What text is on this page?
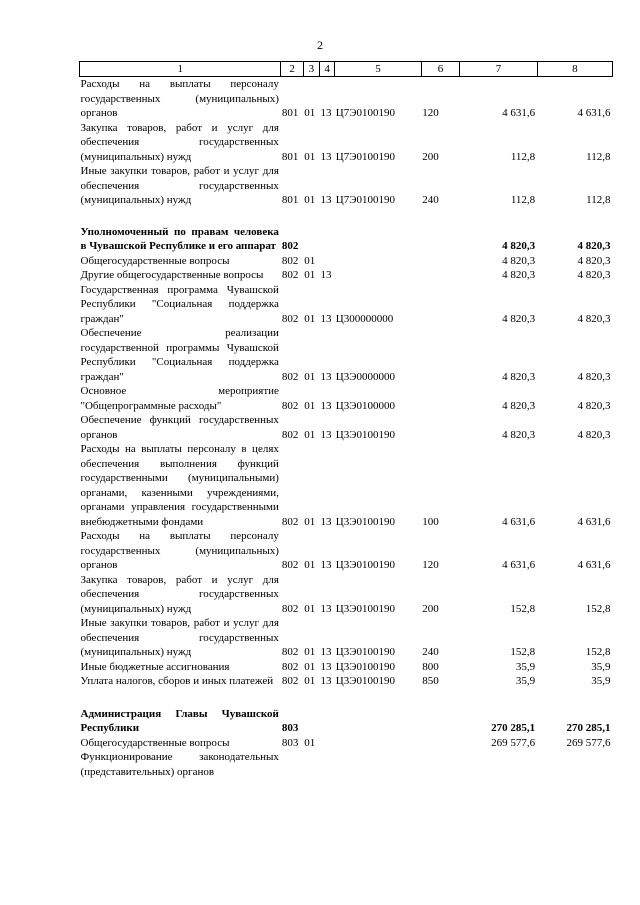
2
1	2	3	4	5	6	7	8
Расходы на выплаты персоналу государственных (муниципальных) органов	801	01	13	Ц7Э0100190	120	4 631,6	4 631,6
Закупка товаров, работ и услуг для обеспечения государственных (муниципальных) нужд	801	01	13	Ц7Э0100190	200	112,8	112,8
Иные закупки товаров, работ и услуг для обеспечения государственных (муниципальных) нужд	801	01	13	Ц7Э0100190	240	112,8	112,8

Уполномоченный по правам человека в Чувашской Республике и его аппарат	802					4 820,3	4 820,3
Общегосударственные вопросы	802	01				4 820,3	4 820,3
Другие общегосударственные вопросы	802	01	13			4 820,3	4 820,3
Государственная программа Чувашской Республики "Социальная поддержка граждан"	802	01	13	Ц300000000		4 820,3	4 820,3
Обеспечение реализации государственной программы Чувашской Республики "Социальная поддержка граждан"	802	01	13	Ц3Э0000000		4 820,3	4 820,3
Основное мероприятие "Общепрограммные расходы"	802	01	13	Ц3Э0100000		4 820,3	4 820,3
Обеспечение функций государственных органов	802	01	13	Ц3Э0100190		4 820,3	4 820,3
Расходы на выплаты персоналу в целях обеспечения выполнения функций государственными (муниципальными) органами, казенными учреждениями, органами управления государственными внебюджетными фондами	802	01	13	Ц3Э0100190	100	4 631,6	4 631,6
Расходы на выплаты персоналу государственных (муниципальных) органов	802	01	13	Ц3Э0100190	120	4 631,6	4 631,6
Закупка товаров, работ и услуг для обеспечения государственных (муниципальных) нужд	802	01	13	Ц3Э0100190	200	152,8	152,8
Иные закупки товаров, работ и услуг для обеспечения государственных (муниципальных) нужд	802	01	13	Ц3Э0100190	240	152,8	152,8
Иные бюджетные ассигнования	802	01	13	Ц3Э0100190	800	35,9	35,9
Уплата налогов, сборов и иных платежей	802	01	13	Ц3Э0100190	850	35,9	35,9

Администрация Главы Чувашской Республики	803					270 285,1	270 285,1
Общегосударственные вопросы	803	01				269 577,6	269 577,6
Функционирование законодательных (представительных) органов							
